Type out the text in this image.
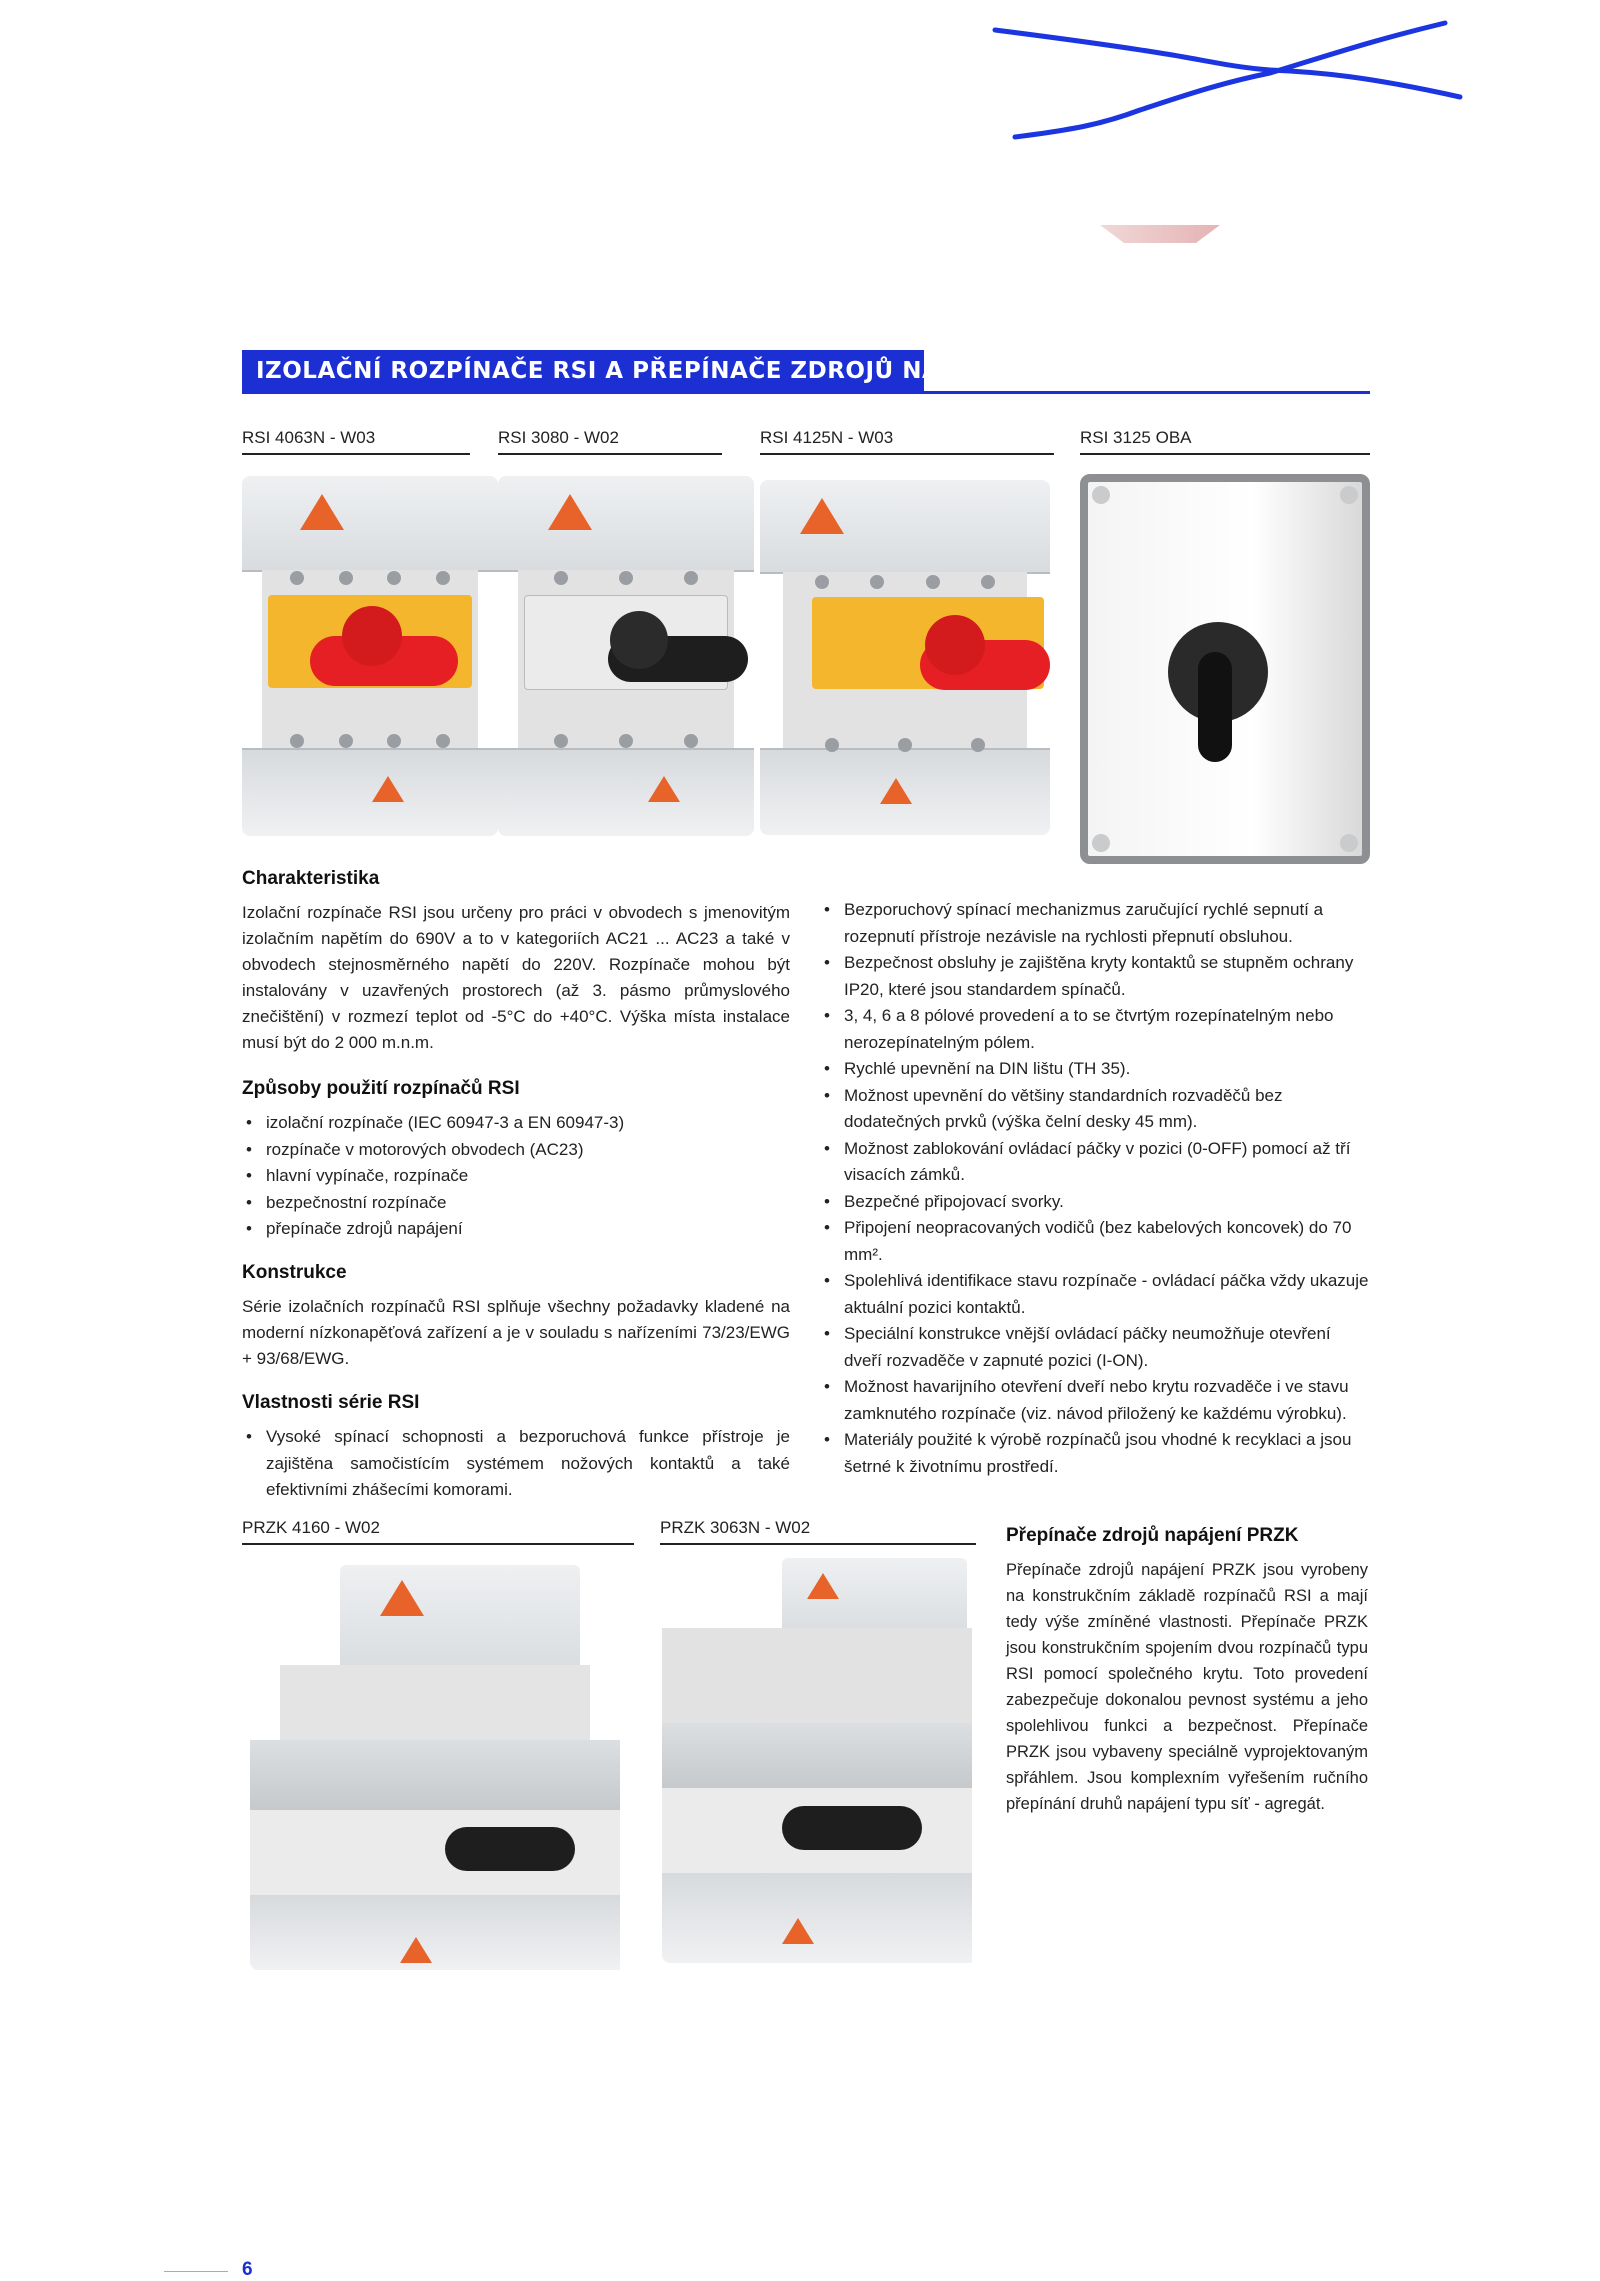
IZOLAČNÍ ROZPÍNAČE RSI A PŘEPÍNAČE ZDROJŮ NAPÁJENÍ PRZK
RSI 4063N - W03	RSI 3080 - W02	RSI 4125N - W03	RSI 3125 OBA
Charakteristika

Izolační rozpínače RSI jsou určeny pro práci v obvodech s jmenovitým izolačním napětím do 690V a to v kategoriích AC21 ... AC23 a také v obvodech stejnosměrného napětí do 220V. Rozpínače mohou být instalovány v uzavřených prostorech (až 3. pásmo průmyslového znečištění) v rozmezí teplot od -5°C do +40°C. Výška místa instalace musí být do 2 000 m.n.m.

Způsoby použití rozpínačů RSI
• izolační rozpínače (IEC 60947-3 a EN 60947-3)
• rozpínače v motorových obvodech (AC23)
• hlavní vypínače, rozpínače
• bezpečnostní rozpínače
• přepínače zdrojů napájení
Konstrukce

Série izolačních rozpínačů RSI splňuje všechny požadavky kladené na moderní nízkonapěťová zařízení a je v souladu s nařízeními 73/23/EWG + 93/68/EWG.

Vlastnosti série RSI
• Vysoké spínací schopnosti a bezporuchová funkce přístroje je zajištěna samočistícím systémem nožových kontaktů a také efektivními zhášecími komorami.
• Bezporuchový spínací mechanizmus zaručující rychlé sepnutí a rozepnutí přístroje nezávisle na rychlosti přepnutí obsluhou.
• Bezpečnost obsluhy je zajištěna kryty kontaktů se stupněm ochrany IP20, které jsou standardem spínačů.
• 3, 4, 6 a 8 pólové provedení a to se čtvrtým rozepínatelným nebo nerozepínatelným pólem.
• Rychlé upevnění na DIN lištu (TH 35).
• Možnost upevnění do většiny standardních rozvaděčů bez dodatečných prvků (výška čelní desky 45 mm).
• Možnost zablokování ovládací páčky v pozici (0-OFF) pomocí až tří visacích zámků.
• Bezpečné připojovací svorky.
• Připojení neopracovaných vodičů (bez kabelových koncovek) do 70 mm².
• Spolehlivá identifikace stavu rozpínače - ovládací páčka vždy ukazuje aktuální pozici kontaktů.
• Speciální konstrukce vnější ovládací páčky neumožňuje otevření dveří rozvaděče v zapnuté pozici (I-ON).
• Možnost havarijního otevření dveří nebo krytu rozvaděče i ve stavu zamknutého rozpínače (viz. návod přiložený ke každému výrobku).
• Materiály použité k výrobě rozpínačů jsou vhodné k recyklaci a jsou šetrné k životnímu prostředí.
PRZK 4160 - W02	PRZK 3063N - W02	Přepínače zdrojů napájení PRZK

Přepínače zdrojů napájení PRZK jsou vyrobeny na konstrukčním základě rozpínačů RSI a mají tedy výše zmíněné vlastnosti. Přepínače PRZK jsou konstrukčním spojením dvou rozpínačů typu RSI pomocí společného krytu. Toto provedení zabezpečuje dokonalou pevnost systému a jeho spolehlivou funkci a bezpečnost. Přepínače PRZK jsou vybaveny speciálně vyprojektovaným spřáhlem. Jsou komplexním vyřešením ručního přepínání druhů napájení typu síť - agregát.

6
